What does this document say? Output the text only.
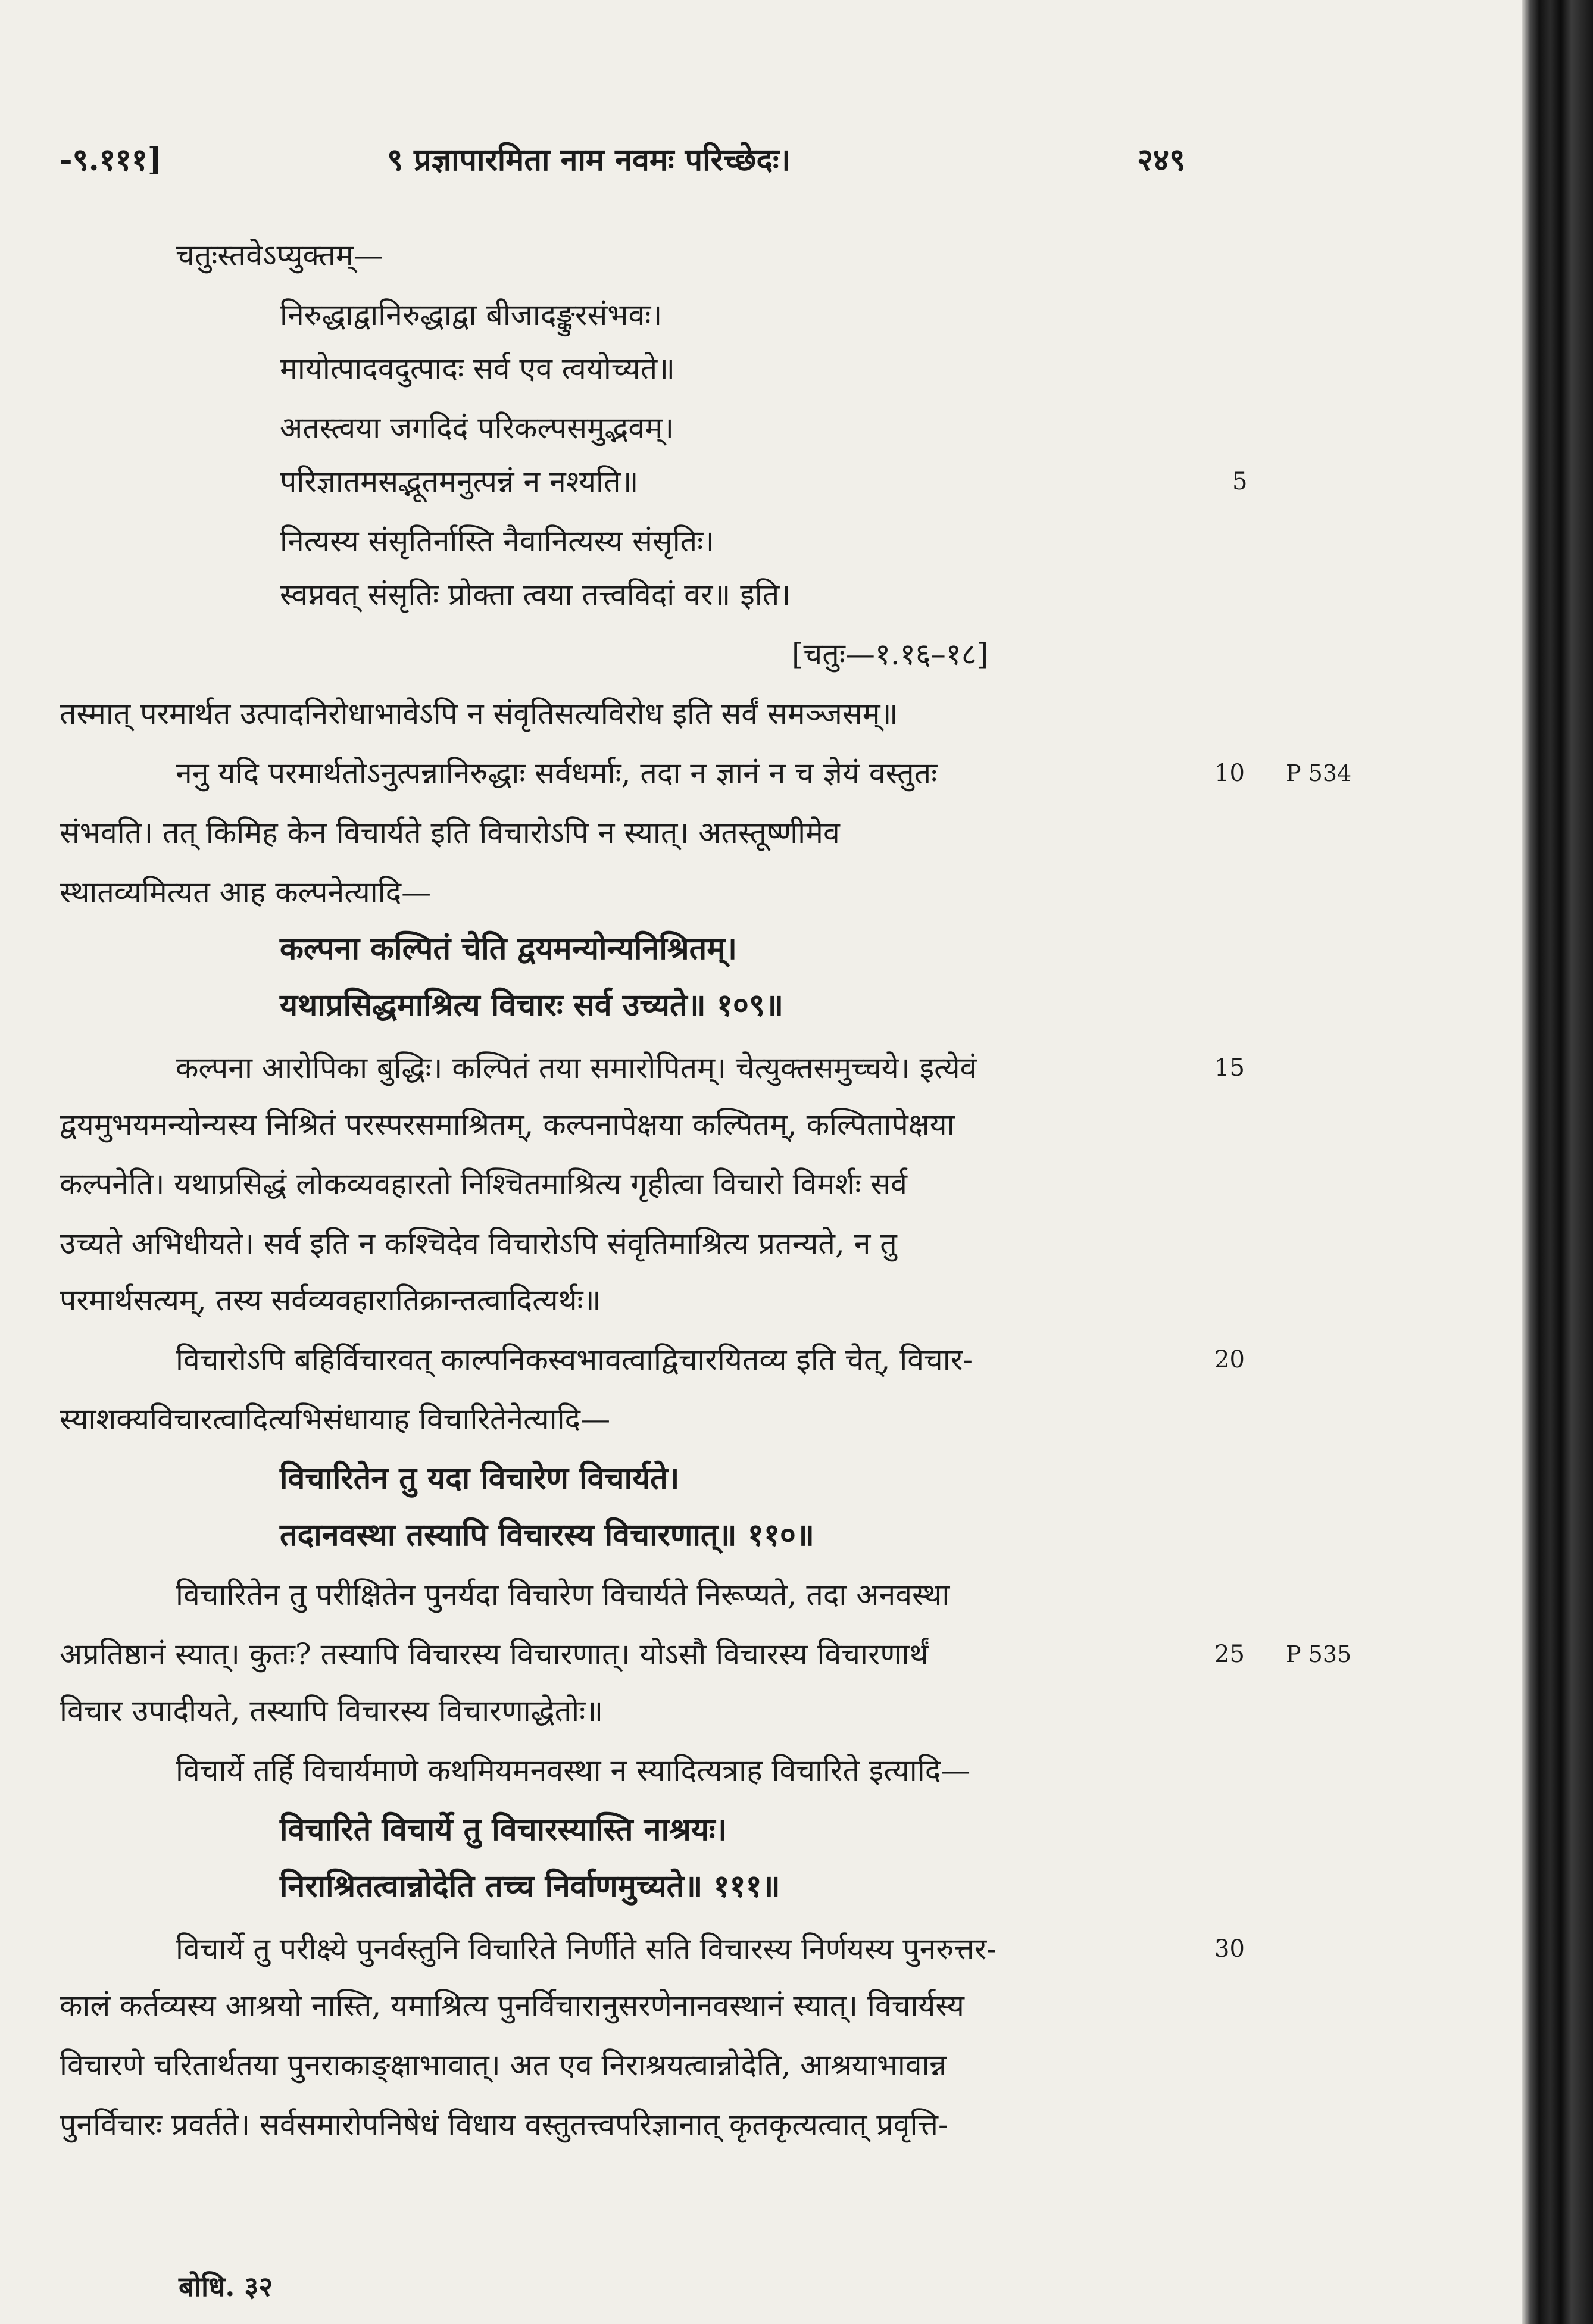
-९.१११]	९ प्रज्ञापारमिता नाम नवमः परिच्छेदः।	२४९
चतुःस्तवेऽप्युक्तम्—
निरुद्धाद्वानिरुद्धाद्वा बीजादङ्कुरसंभवः।
मायोत्पादवदुत्पादः सर्व एव त्वयोच्यते॥
अतस्त्वया जगदिदं परिकल्पसमुद्भवम्।
परिज्ञातमसद्भूतमनुत्पन्नं न नश्यति॥
नित्यस्य संसृतिर्नास्ति नैवानित्यस्य संसृतिः।
स्वप्नवत् संसृतिः प्रोक्ता त्वया तत्त्वविदां वर॥ इति।
[चतुः—१.१६–१८]
तस्मात् परमार्थत उत्पादनिरोधाभावेऽपि न संवृतिसत्यविरोध इति सर्वं समञ्जसम्॥
ननु यदि परमार्थतोऽनुत्पन्नानिरुद्धाः सर्वधर्माः, तदा न ज्ञानं न च ज्ञेयं वस्तुतः
संभवति। तत् किमिह केन विचार्यते इति विचारोऽपि न स्यात्। अतस्तूष्णीमेव
स्थातव्यमित्यत आह कल्पनेत्यादि—
कल्पना कल्पितं चेति द्वयमन्योन्यनिश्रितम्।
यथाप्रसिद्धमाश्रित्य विचारः सर्व उच्यते॥ १०९॥
कल्पना आरोपिका बुद्धिः। कल्पितं तया समारोपितम्। चेत्युक्तसमुच्चये। इत्येवं
द्वयमुभयमन्योन्यस्य निश्रितं परस्परसमाश्रितम्, कल्पनापेक्षया कल्पितम्, कल्पितापेक्षया
कल्पनेति। यथाप्रसिद्धं लोकव्यवहारतो निश्चितमाश्रित्य गृहीत्वा विचारो विमर्शः सर्व
उच्यते अभिधीयते। सर्व इति न कश्चिदेव विचारोऽपि संवृतिमाश्रित्य प्रतन्यते, न तु
परमार्थसत्यम्, तस्य सर्वव्यवहारातिक्रान्तत्वादित्यर्थः॥
विचारोऽपि बहिर्विचारवत् काल्पनिकस्वभावत्वाद्विचारयितव्य इति चेत्, विचार-
स्याशक्यविचारत्वादित्यभिसंधायाह विचारितेनेत्यादि—
विचारितेन तु यदा विचारेण विचार्यते।
तदानवस्था तस्यापि विचारस्य विचारणात्॥ ११०॥
विचारितेन तु परीक्षितेन पुनर्यदा विचारेण विचार्यते निरूप्यते, तदा अनवस्था
अप्रतिष्ठानं स्यात्। कुतः? तस्यापि विचारस्य विचारणात्। योऽसौ विचारस्य विचारणार्थं
विचार उपादीयते, तस्यापि विचारस्य विचारणाद्धेतोः॥
विचार्ये तर्हि विचार्यमाणे कथमियमनवस्था न स्यादित्यत्राह विचारिते इत्यादि—
विचारिते विचार्ये तु विचारस्यास्ति नाश्रयः।
निराश्रितत्वान्नोदेति तच्च निर्वाणमुच्यते॥ १११॥
विचार्ये तु परीक्ष्ये पुनर्वस्तुनि विचारिते निर्णीते सति विचारस्य निर्णयस्य पुनरुत्तर-
कालं कर्तव्यस्य आश्रयो नास्ति, यमाश्रित्य पुनर्विचारानुसरणेनानवस्थानं स्यात्। विचार्यस्य
विचारणे चरितार्थतया पुनराकाङ्क्षाभावात्। अत एव निराश्रयत्वान्नोदेति, आश्रयाभावान्न
पुनर्विचारः प्रवर्तते। सर्वसमारोपनिषेधं विधाय वस्तुतत्त्वपरिज्ञानात् कृतकृत्यत्वात् प्रवृत्ति-
5
10
15
20
25
30
P 534
P 535
बोधि. ३२
